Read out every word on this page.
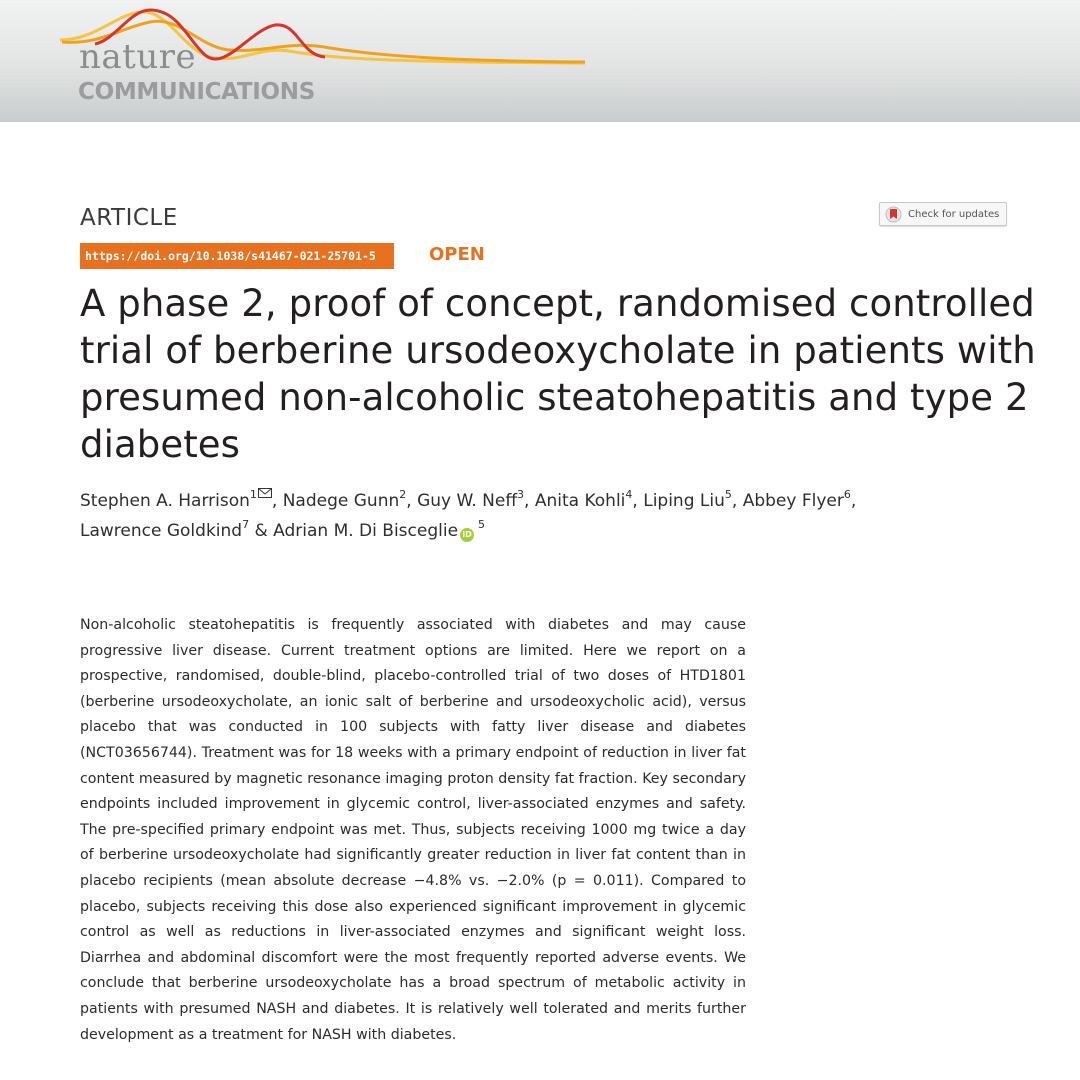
nature
COMMUNICATIONS
ARTICLE	Check for updates
https://doi.org/10.1038/s41467-021-25701-5	OPEN
A phase 2, proof of concept, randomised controlled trial of berberine ursodeoxycholate in patients with presumed non-alcoholic steatohepatitis and type 2 diabetes

Stephen A. Harrison$^1$ , Nadege Gunn$^2$, Guy W. Neff$^3$, Anita Kohli$^4$, Liping Liu$^5$, Abbey Flyer$^6$,
Lawrence Goldkind$^7$ & Adrian M. Di Bisceglie $iD^5$

Non-alcoholic steatohepatitis is frequently associated with diabetes and may cause progressive liver disease. Current treatment options are limited. Here we report on a prospective, randomised, double-blind, placebo-controlled trial of two doses of HTD1801 (berberine ursodeoxycholate, an ionic salt of berberine and ursodeoxycholic acid), versus placebo that was conducted in 100 subjects with fatty liver disease and diabetes (NCT03656744). Treatment was for 18 weeks with a primary endpoint of reduction in liver fat content measured by magnetic resonance imaging proton density fat fraction. Key secondary endpoints included improvement in glycemic control, liver-associated enzymes and safety. The pre-specified primary endpoint was met. Thus, subjects receiving 1000 mg twice a day of berberine ursodeoxycholate had significantly greater reduction in liver fat content than in placebo recipients (mean absolute decrease −4.8% vs. −2.0% (p = 0.011). Compared to placebo, subjects receiving this dose also experienced significant improvement in glycemic control as well as reductions in liver-associated enzymes and significant weight loss. Diarrhea and abdominal discomfort were the most frequently reported adverse events. We conclude that berberine ursodeoxycholate has a broad spectrum of metabolic activity in patients with presumed NASH and diabetes. It is relatively well tolerated and merits further development as a treatment for NASH with diabetes.
